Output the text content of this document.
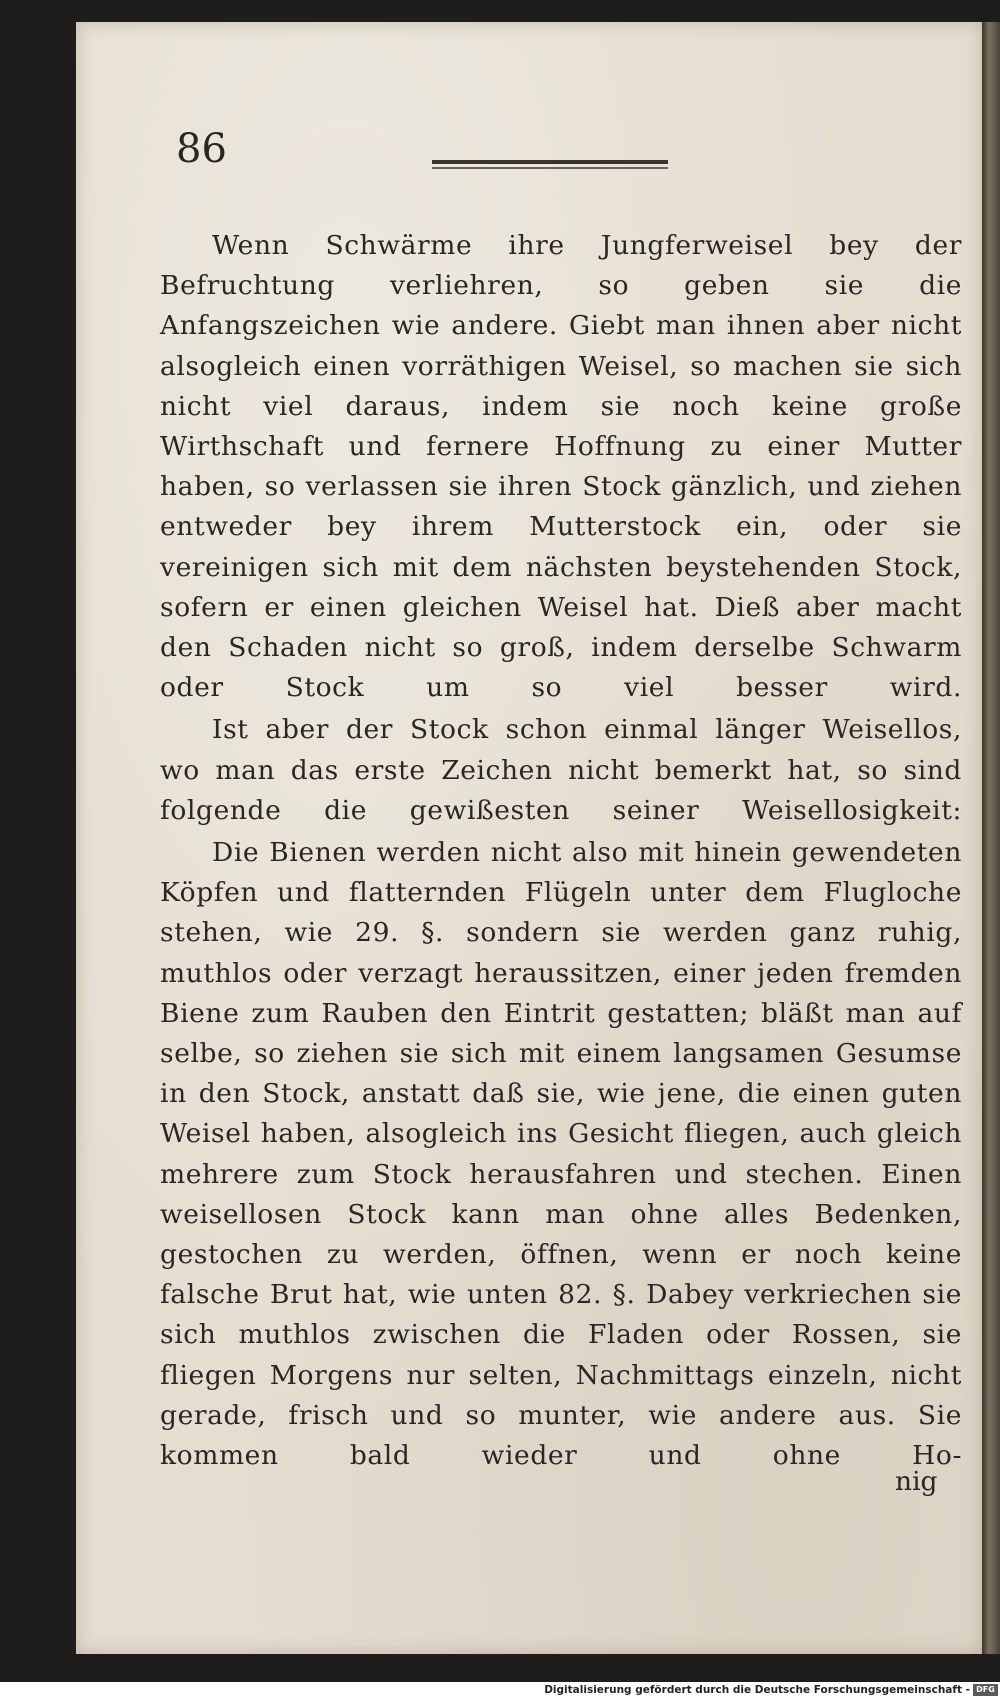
86

Wenn Schwärme ihre Jungferweisel bey der Befruchtung verliehren, so geben sie die Anfangszeichen wie andere. Giebt man ihnen aber nicht alsogleich einen vorräthigen Weisel, so machen sie sich nicht viel daraus, indem sie noch keine große Wirthschaft und fernere Hoffnung zu einer Mutter haben, so verlassen sie ihren Stock gänzlich, und ziehen entweder bey ihrem Mutterstock ein, oder sie vereinigen sich mit dem nächsten beystehenden Stock, sofern er einen gleichen Weisel hat. Dieß aber macht den Schaden nicht so groß, indem derselbe Schwarm oder Stock um so viel besser wird.

Ist aber der Stock schon einmal länger Weisellos, wo man das erste Zeichen nicht bemerkt hat, so sind folgende die gewißesten seiner Weisellosigkeit:

Die Bienen werden nicht also mit hinein gewendeten Köpfen und flatternden Flügeln unter dem Flugloche stehen, wie 29. §. sondern sie werden ganz ruhig, muthlos oder verzagt heraussitzen, einer jeden fremden Biene zum Rauben den Eintrit gestatten; bläßt man auf selbe, so ziehen sie sich mit einem langsamen Gesumse in den Stock, anstatt daß sie, wie jene, die einen guten Weisel haben, alsogleich ins Gesicht fliegen, auch gleich mehrere zum Stock herausfahren und stechen. Einen weisellosen Stock kann man ohne alles Bedenken, gestochen zu werden, öffnen, wenn er noch keine falsche Brut hat, wie unten 82. §. Dabey verkriechen sie sich muthlos zwischen die Fladen oder Rossen, sie fliegen Morgens nur selten, Nachmittags einzeln, nicht gerade, frisch und so munter, wie andere aus. Sie kommen bald wieder und ohne Ho-

nig
Digitalisierung gefördert durch die Deutsche Forschungsgemeinschaft - DFG
